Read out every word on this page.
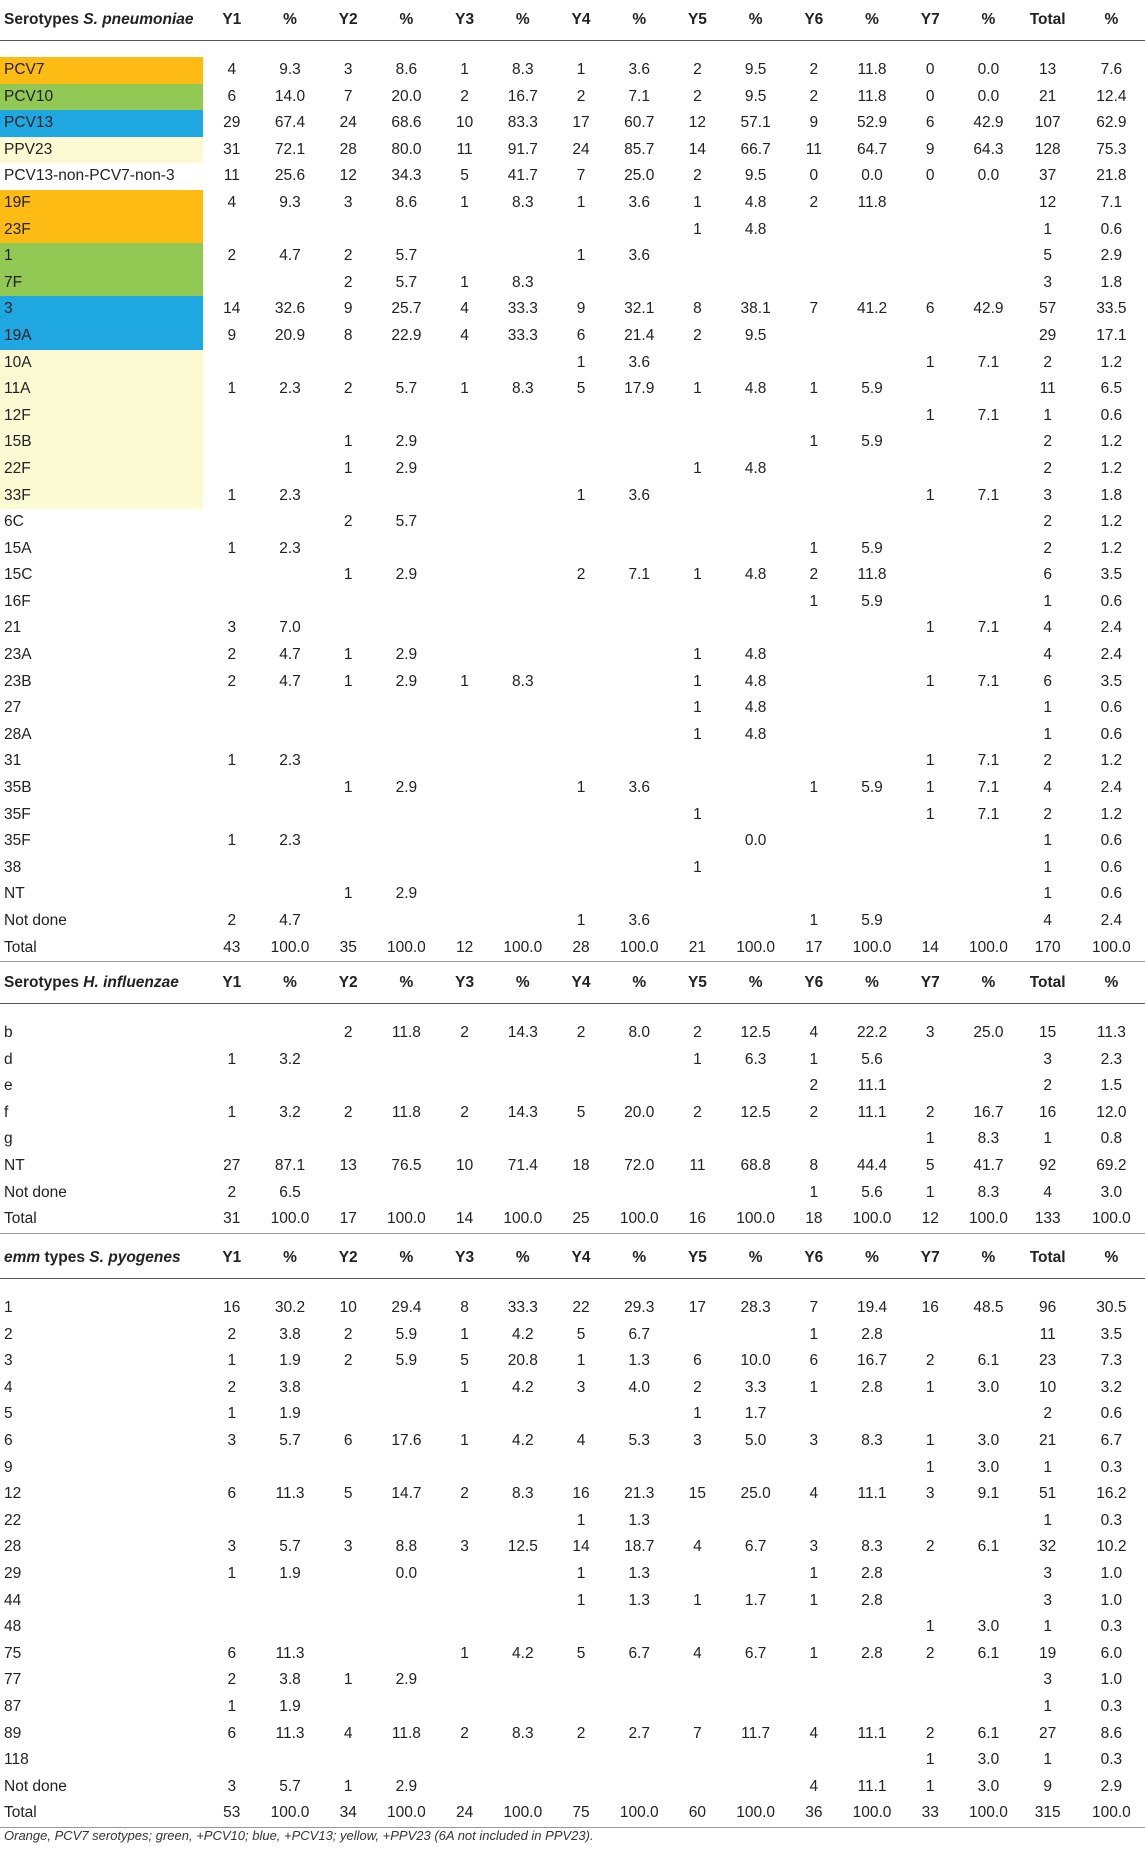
Serotypes S. pneumoniae	Y1	%	Y2	%	Y3	%	Y4	%	Y5	%	Y6	%	Y7	%	Total	%

PCV7	4	9.3	3	8.6	1	8.3	1	3.6	2	9.5	2	11.8	0	0.0	13	7.6
PCV10	6	14.0	7	20.0	2	16.7	2	7.1	2	9.5	2	11.8	0	0.0	21	12.4
PCV13	29	67.4	24	68.6	10	83.3	17	60.7	12	57.1	9	52.9	6	42.9	107	62.9
PPV23	31	72.1	28	80.0	11	91.7	24	85.7	14	66.7	11	64.7	9	64.3	128	75.3
PCV13-non-PCV7-non-3	11	25.6	12	34.3	5	41.7	7	25.0	2	9.5	0	0.0	0	0.0	37	21.8
19F	4	9.3	3	8.6	1	8.3	1	3.6	1	4.8	2	11.8			12	7.1
23F									1	4.8					1	0.6
1	2	4.7	2	5.7			1	3.6							5	2.9
7F			2	5.7	1	8.3									3	1.8
3	14	32.6	9	25.7	4	33.3	9	32.1	8	38.1	7	41.2	6	42.9	57	33.5
19A	9	20.9	8	22.9	4	33.3	6	21.4	2	9.5					29	17.1
10A							1	3.6					1	7.1	2	1.2
11A	1	2.3	2	5.7	1	8.3	5	17.9	1	4.8	1	5.9			11	6.5
12F													1	7.1	1	0.6
15B			1	2.9							1	5.9			2	1.2
22F			1	2.9					1	4.8					2	1.2
33F	1	2.3					1	3.6					1	7.1	3	1.8
6C			2	5.7											2	1.2
15A	1	2.3									1	5.9			2	1.2
15C			1	2.9			2	7.1	1	4.8	2	11.8			6	3.5
16F											1	5.9			1	0.6
21	3	7.0											1	7.1	4	2.4
23A	2	4.7	1	2.9					1	4.8					4	2.4
23B	2	4.7	1	2.9	1	8.3			1	4.8			1	7.1	6	3.5
27									1	4.8					1	0.6
28A									1	4.8					1	0.6
31	1	2.3											1	7.1	2	1.2
35B			1	2.9			1	3.6			1	5.9	1	7.1	4	2.4
35F									1				1	7.1	2	1.2
35F	1	2.3								0.0					1	0.6
38									1						1	0.6
NT			1	2.9											1	0.6
Not done	2	4.7					1	3.6			1	5.9			4	2.4
Total	43	100.0	35	100.0	12	100.0	28	100.0	21	100.0	17	100.0	14	100.0	170	100.0
Serotypes H. influenzae	Y1	%	Y2	%	Y3	%	Y4	%	Y5	%	Y6	%	Y7	%	Total	%

b			2	11.8	2	14.3	2	8.0	2	12.5	4	22.2	3	25.0	15	11.3
d	1	3.2							1	6.3	1	5.6			3	2.3
e											2	11.1			2	1.5
f	1	3.2	2	11.8	2	14.3	5	20.0	2	12.5	2	11.1	2	16.7	16	12.0
g													1	8.3	1	0.8
NT	27	87.1	13	76.5	10	71.4	18	72.0	11	68.8	8	44.4	5	41.7	92	69.2
Not done	2	6.5									1	5.6	1	8.3	4	3.0
Total	31	100.0	17	100.0	14	100.0	25	100.0	16	100.0	18	100.0	12	100.0	133	100.0
emm types S. pyogenes	Y1	%	Y2	%	Y3	%	Y4	%	Y5	%	Y6	%	Y7	%	Total	%

1	16	30.2	10	29.4	8	33.3	22	29.3	17	28.3	7	19.4	16	48.5	96	30.5
2	2	3.8	2	5.9	1	4.2	5	6.7			1	2.8			11	3.5
3	1	1.9	2	5.9	5	20.8	1	1.3	6	10.0	6	16.7	2	6.1	23	7.3
4	2	3.8			1	4.2	3	4.0	2	3.3	1	2.8	1	3.0	10	3.2
5	1	1.9							1	1.7					2	0.6
6	3	5.7	6	17.6	1	4.2	4	5.3	3	5.0	3	8.3	1	3.0	21	6.7
9													1	3.0	1	0.3
12	6	11.3	5	14.7	2	8.3	16	21.3	15	25.0	4	11.1	3	9.1	51	16.2
22							1	1.3							1	0.3
28	3	5.7	3	8.8	3	12.5	14	18.7	4	6.7	3	8.3	2	6.1	32	10.2
29	1	1.9		0.0			1	1.3			1	2.8			3	1.0
44							1	1.3	1	1.7	1	2.8			3	1.0
48													1	3.0	1	0.3
75	6	11.3			1	4.2	5	6.7	4	6.7	1	2.8	2	6.1	19	6.0
77	2	3.8	1	2.9											3	1.0
87	1	1.9													1	0.3
89	6	11.3	4	11.8	2	8.3	2	2.7	7	11.7	4	11.1	2	6.1	27	8.6
118													1	3.0	1	0.3
Not done	3	5.7	1	2.9							4	11.1	1	3.0	9	2.9
Total	53	100.0	34	100.0	24	100.0	75	100.0	60	100.0	36	100.0	33	100.0	315	100.0
Orange, PCV7 serotypes; green, +PCV10; blue, +PCV13; yellow, +PPV23 (6A not included in PPV23).
